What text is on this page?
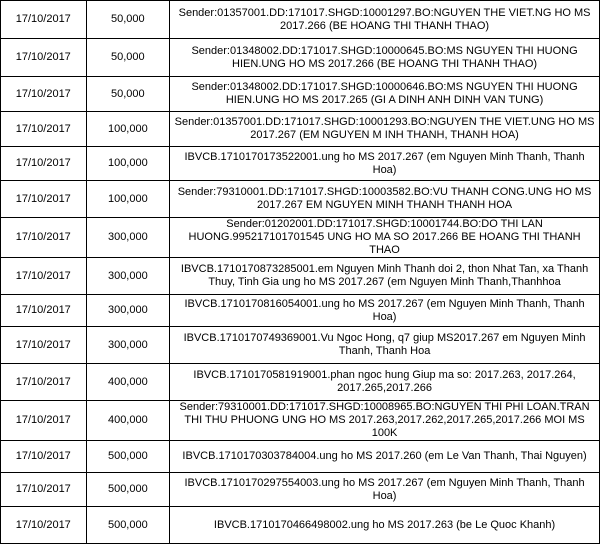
17/10/2017	50,000	Sender:01357001.DD:171017.SHGD:10001297.BO:NGUYEN THE VIET.NG HO MS 2017.266 (BE HOANG THI THANH THAO)
17/10/2017	50,000	Sender:01348002.DD:171017.SHGD:10000645.BO:MS NGUYEN THI HUONG HIEN.UNG HO MS 2017.266 (BE HOANG THI THANH THAO)
17/10/2017	50,000	Sender:01348002.DD:171017.SHGD:10000646.BO:MS NGUYEN THI HUONG HIEN.UNG HO MS 2017.265 (GI A DINH ANH DINH VAN TUNG)
17/10/2017	100,000	Sender:01357001.DD:171017.SHGD:10001293.BO:NGUYEN THE VIET.UNG HO MS 2017.267 (EM NGUYEN M INH THANH, THANH HOA)
17/10/2017	100,000	IBVCB.1710170173522001.ung ho MS 2017.267 (em Nguyen Minh Thanh, Thanh Hoa)
17/10/2017	100,000	Sender:79310001.DD:171017.SHGD:10003582.BO:VU THANH CONG.UNG HO MS 2017.267 EM NGUYEN MINH THANH THANH HOA
17/10/2017	300,000	Sender:01202001.DD:171017.SHGD:10001744.BO:DO THI LAN HUONG.995217101701545 UNG HO MA SO 2017.266 BE HOANG THI THANH THAO
17/10/2017	300,000	IBVCB.1710170873285001.em Nguyen Minh Thanh doi 2, thon Nhat Tan, xa Thanh Thuy, Tinh Gia ung ho MS 2017.267 (em Nguyen Minh Thanh,Thanhhoa
17/10/2017	300,000	IBVCB.1710170816054001.ung ho MS 2017.267 (em Nguyen Minh Thanh, Thanh Hoa)
17/10/2017	300,000	IBVCB.1710170749369001.Vu Ngoc Hong, q7 giup MS2017.267 em Nguyen Minh Thanh, Thanh Hoa
17/10/2017	400,000	IBVCB.1710170581919001.phan ngoc hung Giup ma so: 2017.263, 2017.264, 2017.265,2017.266
17/10/2017	400,000	Sender:79310001.DD:171017.SHGD:10008965.BO:NGUYEN THI PHI LOAN.TRAN THI THU PHUONG UNG HO MS 2017.263,2017.262,2017.265,2017.266 MOI MS 100K
17/10/2017	500,000	IBVCB.1710170303784004.ung ho MS 2017.260 (em Le Van Thanh, Thai Nguyen)
17/10/2017	500,000	IBVCB.1710170297554003.ung ho MS 2017.267 (em Nguyen Minh Thanh, Thanh Hoa)
17/10/2017	500,000	IBVCB.1710170466498002.ung ho MS 2017.263 (be Le Quoc Khanh)
